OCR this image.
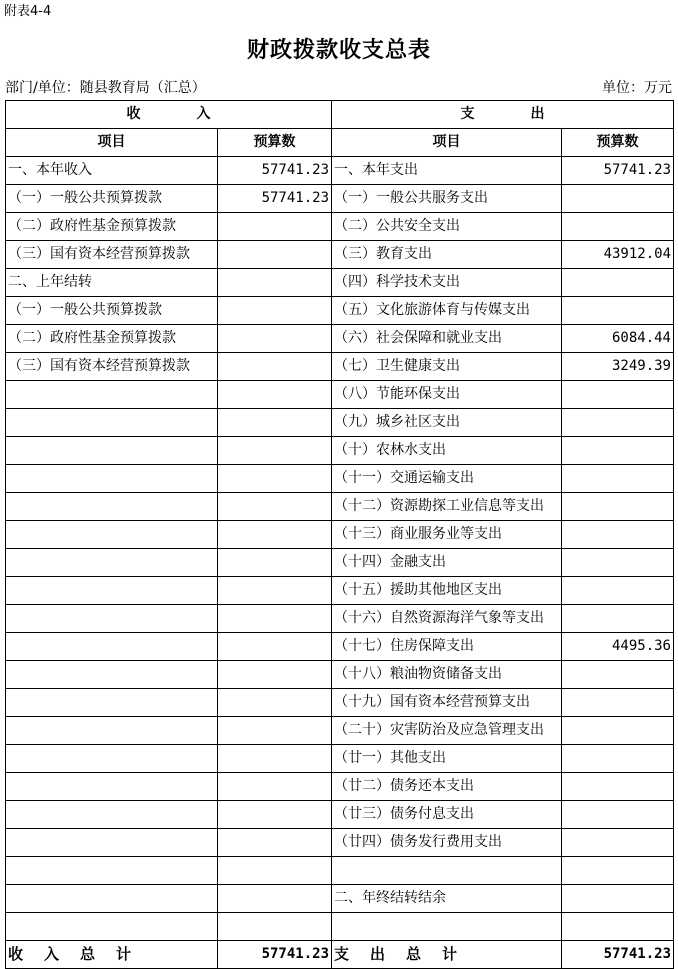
附表4-4
财政拨款收支总表
部门/单位：随县教育局（汇总）	单位：万元
收　　　　入		支　　　　出	
项目	预算数	项目	预算数
一、本年收入	57741.23	一、本年支出	57741.23
（一）一般公共预算拨款	57741.23	（一）一般公共服务支出	
（二）政府性基金预算拨款		（二）公共安全支出	
（三）国有资本经营预算拨款		（三）教育支出	43912.04
二、上年结转		（四）科学技术支出	
（一）一般公共预算拨款		（五）文化旅游体育与传媒支出	
（二）政府性基金预算拨款		（六）社会保障和就业支出	6084.44
（三）国有资本经营预算拨款		（七）卫生健康支出	3249.39
		（八）节能环保支出	
		（九）城乡社区支出	
		（十）农林水支出	
		（十一）交通运输支出	
		（十二）资源勘探工业信息等支出	
		（十三）商业服务业等支出	
		（十四）金融支出	
		（十五）援助其他地区支出	
		（十六）自然资源海洋气象等支出	
		（十七）住房保障支出	4495.36
		（十八）粮油物资储备支出	
		（十九）国有资本经营预算支出	
		（二十）灾害防治及应急管理支出	
		（廿一）其他支出	
		（廿二）债务还本支出	
		（廿三）债务付息支出	
		（廿四）债务发行费用支出	

		二、年终结转结余	

收　入　总　计	57741.23	支　出　总　计	57741.23
